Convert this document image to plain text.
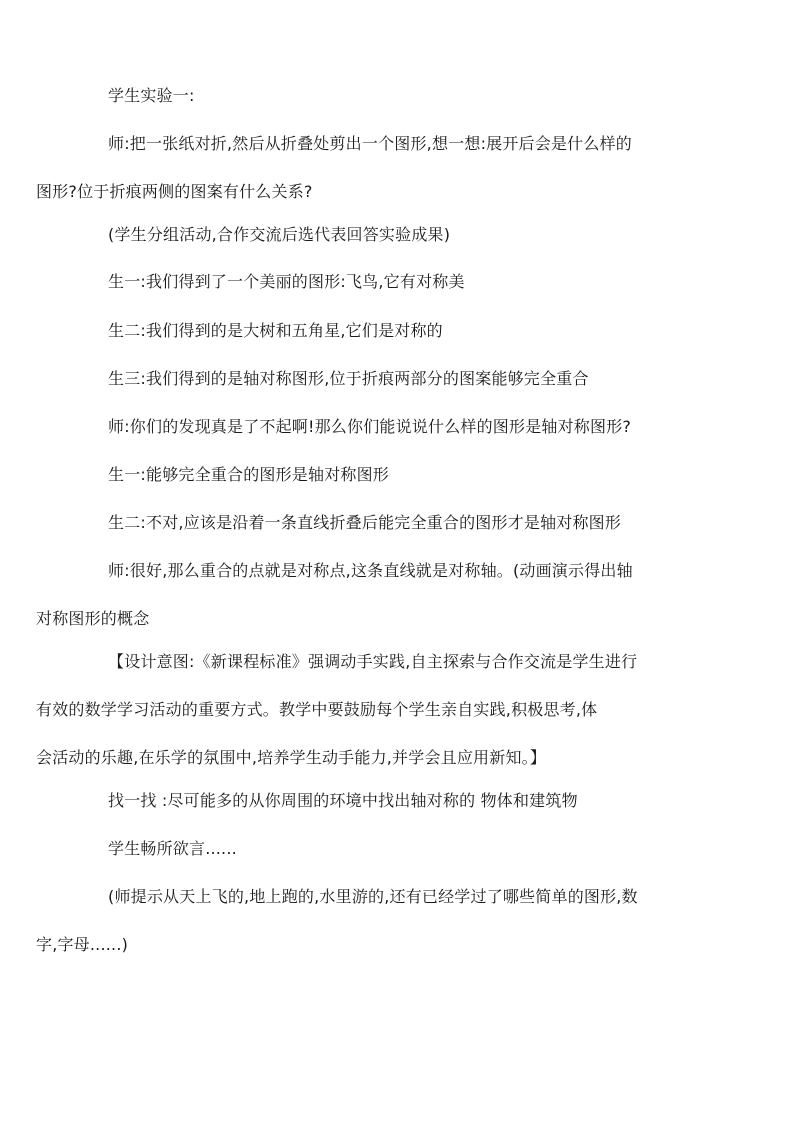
学生实验一:

师:把一张纸对折,然后从折叠处剪出一个图形,想一想:展开后会是什么样的
图形?位于折痕两侧的图案有什么关系?

(学生分组活动,合作交流后选代表回答实验成果)

生一:我们得到了一个美丽的图形:飞鸟,它有对称美

生二:我们得到的是大树和五角星,它们是对称的

生三:我们得到的是轴对称图形,位于折痕两部分的图案能够完全重合

师:你们的发现真是了不起啊!那么你们能说说什么样的图形是轴对称图形?

生一:能够完全重合的图形是轴对称图形

生二:不对,应该是沿着一条直线折叠后能完全重合的图形才是轴对称图形

师:很好,那么重合的点就是对称点,这条直线就是对称轴。(动画演示得出轴
对称图形的概念

【设计意图:《新课程标准》强调动手实践,自主探索与合作交流是学生进行
有效的数学学习活动的重要方式。教学中要鼓励每个学生亲自实践,积极思考,体
会活动的乐趣,在乐学的氛围中,培养学生动手能力,并学会且应用新知。】

找一找 :尽可能多的从你周围的环境中找出轴对称的 物体和建筑物

学生畅所欲言......

(师提示从天上飞的,地上跑的,水里游的,还有已经学过了哪些简单的图形,数
字,字母......)
